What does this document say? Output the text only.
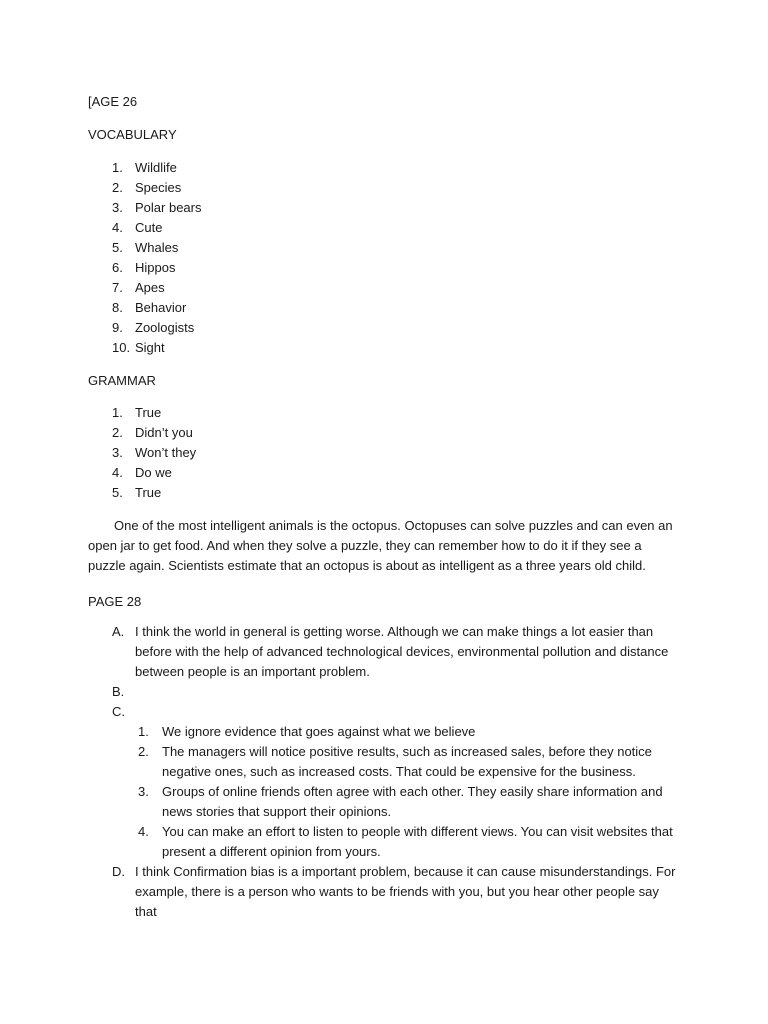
[AGE 26
VOCABULARY
1. Wildlife
2. Species
3. Polar bears
4. Cute
5. Whales
6. Hippos
7. Apes
8. Behavior
9. Zoologists
10. Sight
GRAMMAR
1. True
2. Didn’t you
3. Won’t they
4. Do we
5. True
One of the most intelligent animals is the octopus. Octopuses can solve puzzles and can even an open jar to get food. And when they solve a puzzle, they can remember how to do it if they see a puzzle again. Scientists estimate that an octopus is about as intelligent as a three years old child.
PAGE 28
A. I think the world in general is getting worse. Although we can make things a lot easier than before with the help of advanced technological devices, environmental pollution and distance between people is an important problem.
B.
C.
1. We ignore evidence that goes against what we believe
2. The managers will notice positive results, such as increased sales, before they notice negative ones, such as increased costs. That could be expensive for the business.
3. Groups of online friends often agree with each other. They easily share information and news stories that support their opinions.
4. You can make an effort to listen to people with different views. You can visit websites that present a different opinion from yours.
D. I think Confirmation bias is a important problem, because it can cause misunderstandings. For example, there is a person who wants to be friends with you, but you hear other people say that
